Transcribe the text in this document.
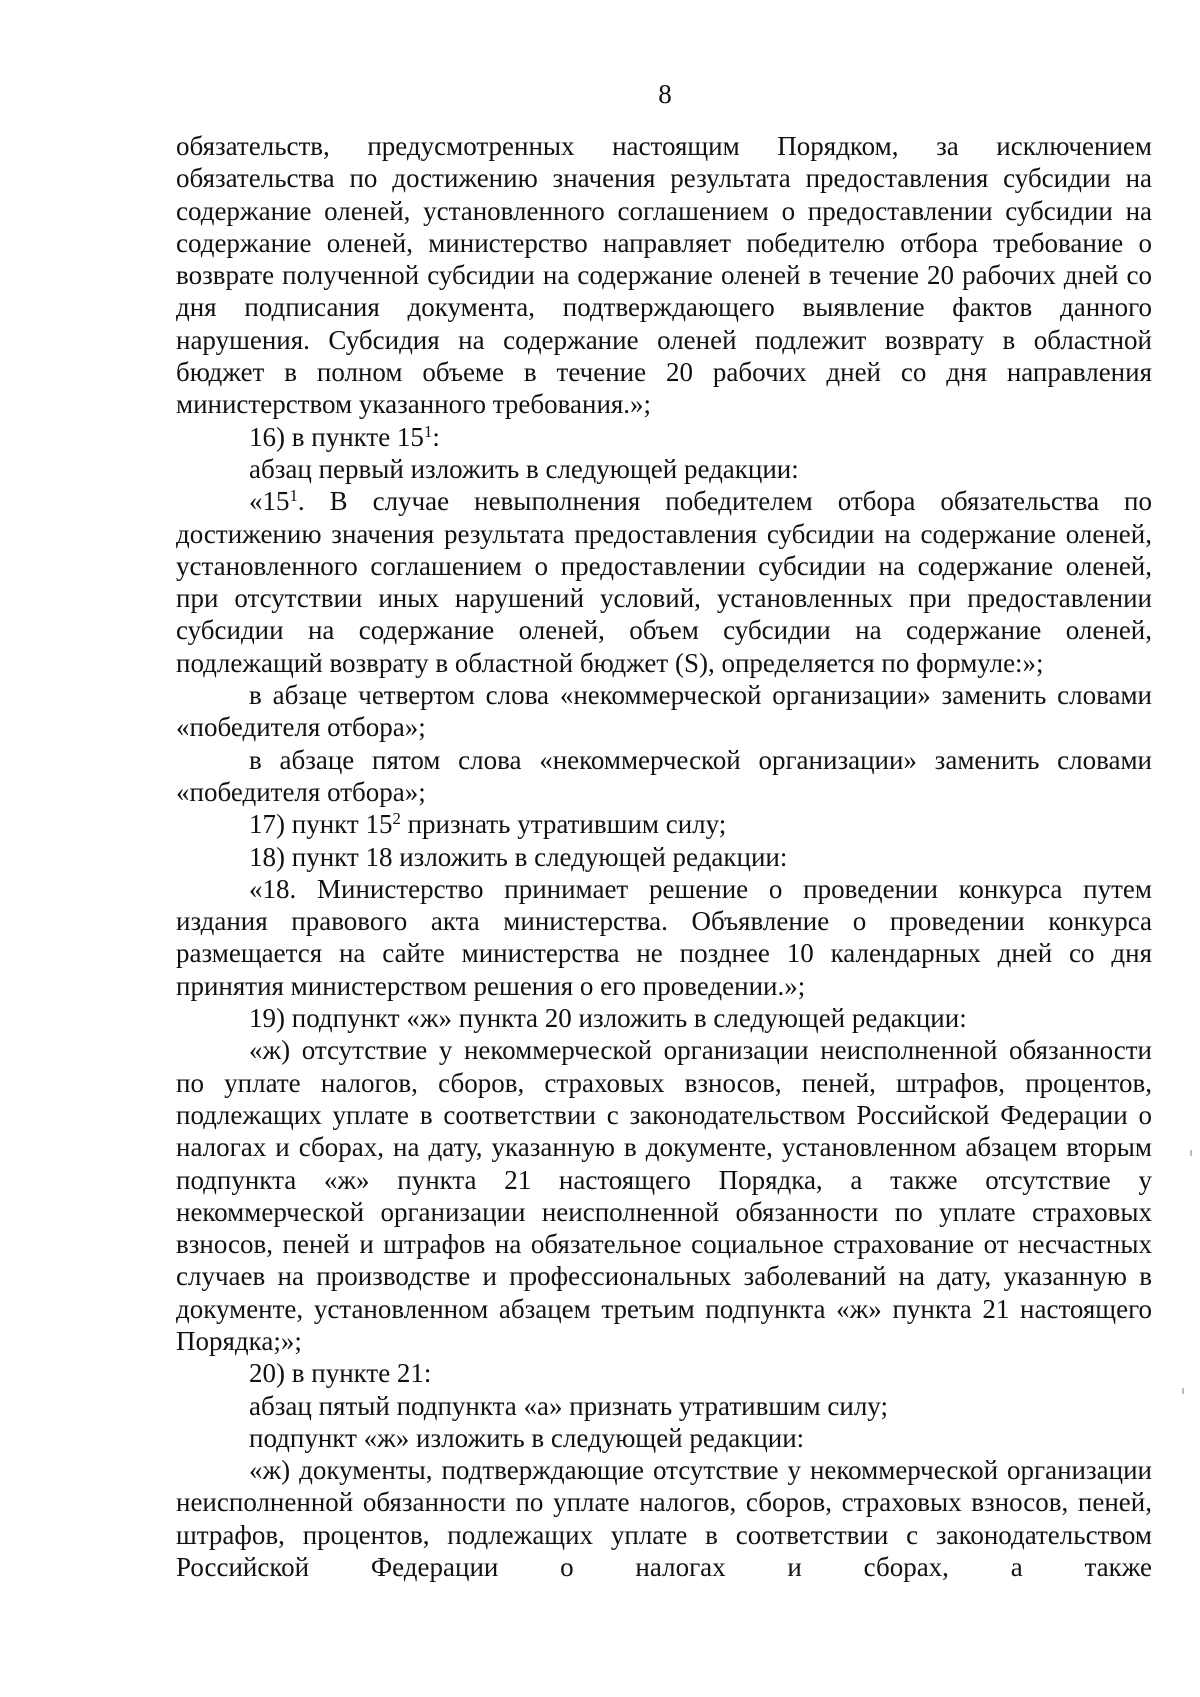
8

обязательств, предусмотренных настоящим Порядком, за исключением обязательства по достижению значения результата предоставления субсидии на содержание оленей, установленного соглашением о предоставлении субсидии на содержание оленей, министерство направляет победителю отбора требование о возврате полученной субсидии на содержание оленей в течение 20 рабочих дней со дня подписания документа, подтверждающего выявление фактов данного нарушения. Субсидия на содержание оленей подлежит возврату в областной бюджет в полном объеме в течение 20 рабочих дней со дня направления министерством указанного требования.»;

16) в пункте $15^1$:

абзац первый изложить в следующей редакции:

«$15^1$. В случае невыполнения победителем отбора обязательства по достижению значения результата предоставления субсидии на содержание оленей, установленного соглашением о предоставлении субсидии на содержание оленей, при отсутствии иных нарушений условий, установленных при предоставлении субсидии на содержание оленей, объем субсидии на содержание оленей, подлежащий возврату в областной бюджет (S), определяется по формуле:»;

в абзаце четвертом слова «некоммерческой организации» заменить словами «победителя отбора»;

в абзаце пятом слова «некоммерческой организации» заменить словами «победителя отбора»;

17) пункт $15^2$ признать утратившим силу;

18) пункт 18 изложить в следующей редакции:

«18. Министерство принимает решение о проведении конкурса путем издания правового акта министерства. Объявление о проведении конкурса размещается на сайте министерства не позднее 10 календарных дней со дня принятия министерством решения о его проведении.»;

19) подпункт «ж» пункта 20 изложить в следующей редакции:

«ж) отсутствие у некоммерческой организации неисполненной обязанности по уплате налогов, сборов, страховых взносов, пеней, штрафов, процентов, подлежащих уплате в соответствии с законодательством Российской Федерации о налогах и сборах, на дату, указанную в документе, установленном абзацем вторым подпункта «ж» пункта 21 настоящего Порядка, а также отсутствие у некоммерческой организации неисполненной обязанности по уплате страховых взносов, пеней и штрафов на обязательное социальное страхование от несчастных случаев на производстве и профессиональных заболеваний на дату, указанную в документе, установленном абзацем третьим подпункта «ж» пункта 21 настоящего Порядка;»;

20) в пункте 21:

абзац пятый подпункта «а» признать утратившим силу;

подпункт «ж» изложить в следующей редакции:

«ж) документы, подтверждающие отсутствие у некоммерческой организации неисполненной обязанности по уплате налогов, сборов, страховых взносов, пеней, штрафов, процентов, подлежащих уплате в соответствии с законодательством Российской Федерации о налогах и сборах, а также
